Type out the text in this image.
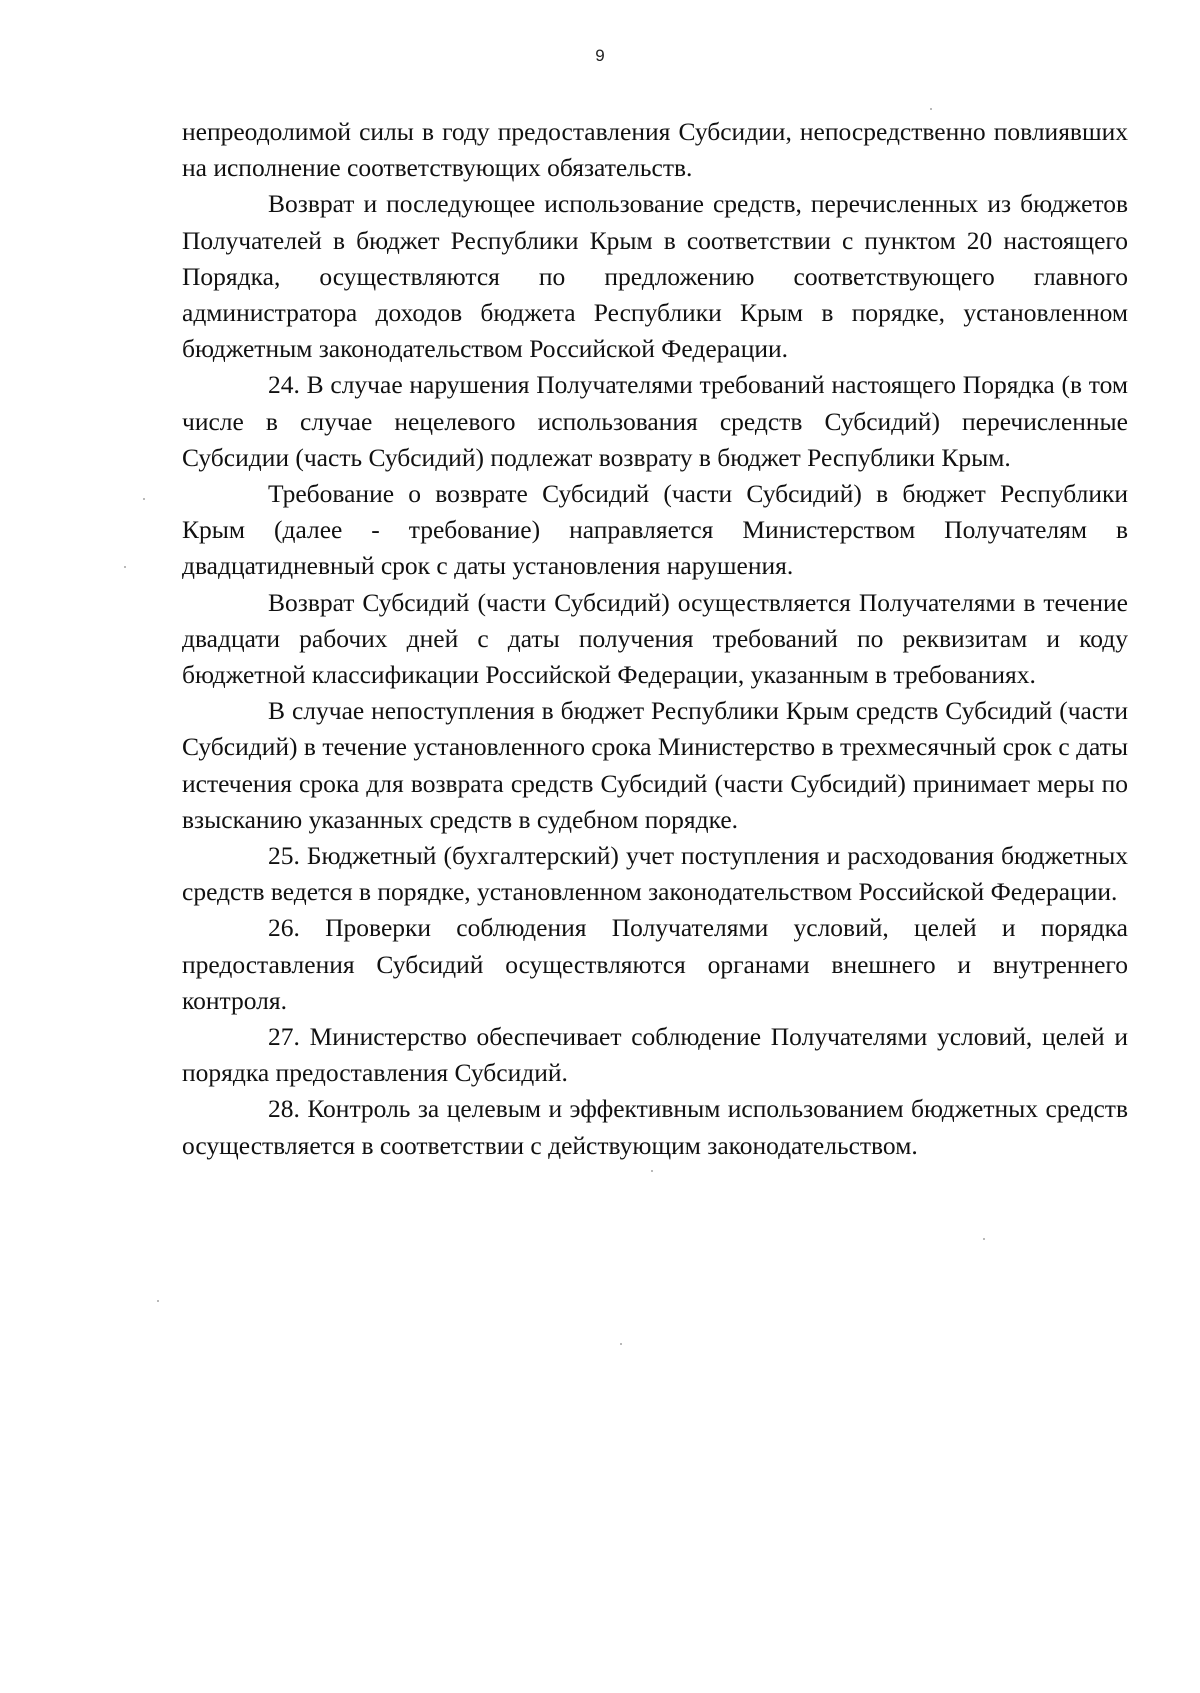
9

непреодолимой силы в году предоставления Субсидии, непосредственно повлиявших на исполнение соответствующих обязательств.

Возврат и последующее использование средств, перечисленных из бюджетов Получателей в бюджет Республики Крым в соответствии с пунктом 20 настоящего Порядка, осуществляются по предложению соответствующего главного администратора доходов бюджета Республики Крым в порядке, установленном бюджетным законодательством Российской Федерации.

24. В случае нарушения Получателями требований настоящего Порядка (в том числе в случае нецелевого использования средств Субсидий) перечисленные Субсидии (часть Субсидий) подлежат возврату в бюджет Республики Крым.

Требование о возврате Субсидий (части Субсидий) в бюджет Республики Крым (далее - требование) направляется Министерством Получателям в двадцатидневный срок с даты установления нарушения.

Возврат Субсидий (части Субсидий) осуществляется Получателями в течение двадцати рабочих дней с даты получения требований по реквизитам и коду бюджетной классификации Российской Федерации, указанным в требованиях.

В случае непоступления в бюджет Республики Крым средств Субсидий (части Субсидий) в течение установленного срока Министерство в трехмесячный срок с даты истечения срока для возврата средств Субсидий (части Субсидий) принимает меры по взысканию указанных средств в судебном порядке.

25. Бюджетный (бухгалтерский) учет поступления и расходования бюджетных средств ведется в порядке, установленном законодательством Российской Федерации.

26. Проверки соблюдения Получателями условий, целей и порядка предоставления Субсидий осуществляются органами внешнего и внутреннего контроля.

27. Министерство обеспечивает соблюдение Получателями условий, целей и порядка предоставления Субсидий.

28. Контроль за целевым и эффективным использованием бюджетных средств осуществляется в соответствии с действующим законодательством.
